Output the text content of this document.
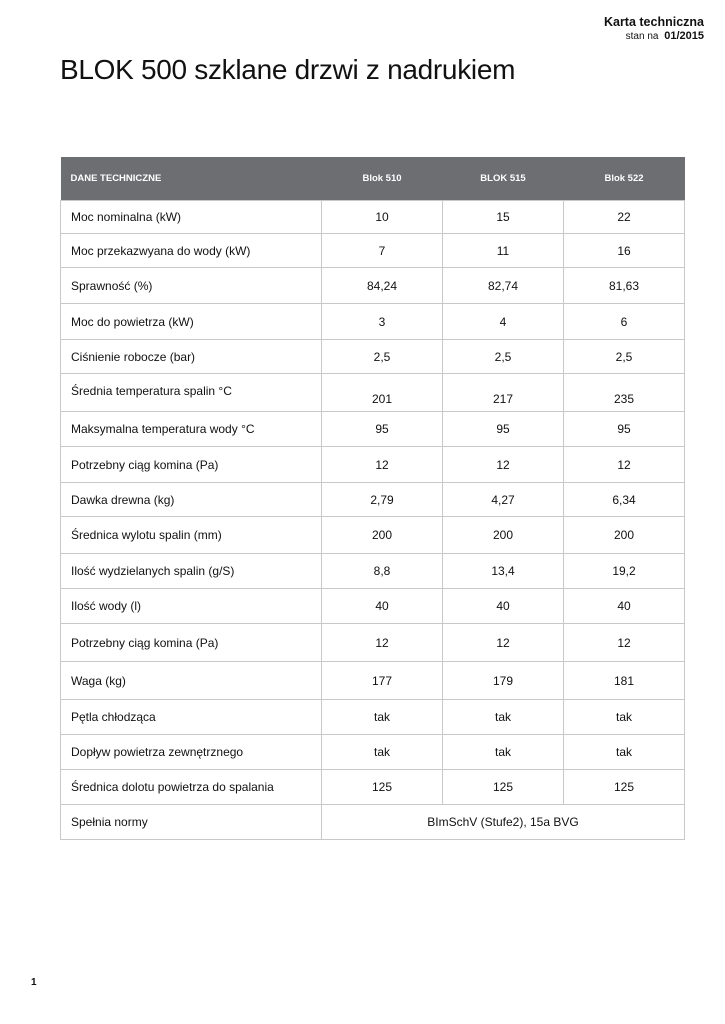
Karta techniczna
stan na 01/2015
BLOK 500 szklane drzwi z nadrukiem
DANE TECHNICZNE	Blok 510	BLOK 515	Blok 522
Moc nominalna (kW)	10	15	22
Moc przekazwyana do wody (kW)	7	11	16
Sprawność (%)	84,24	82,74	81,63
Moc do powietrza (kW)	3	4	6
Ciśnienie robocze (bar)	2,5	2,5	2,5
Średnia temperatura spalin °C	201	217	235
Maksymalna temperatura wody °C	95	95	95
Potrzebny ciąg komina (Pa)	12	12	12
Dawka drewna (kg)	2,79	4,27	6,34
Średnica wylotu spalin (mm)	200	200	200
Ilość wydzielanych spalin (g/S)	8,8	13,4	19,2
Ilość wody (l)	40	40	40
Potrzebny ciąg komina (Pa)	12	12	12
Waga (kg)	177	179	181
Pętla chłodząca	tak	tak	tak
Dopływ powietrza zewnętrznego	tak	tak	tak
Średnica dolotu powietrza do spalania	125	125	125
Spełnia normy	BImSchV (Stufe2), 15a BVG		
1
